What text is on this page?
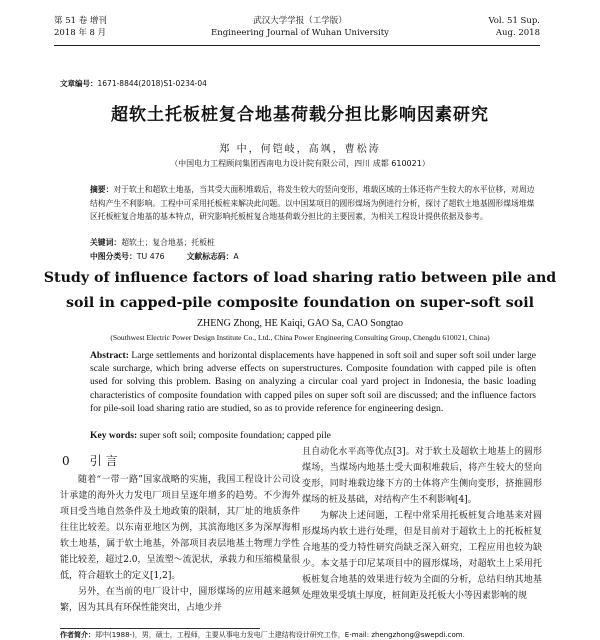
第 51 卷 增刊
2018 年 8 月
武汉大学学报（工学版）
Engineering Journal of Wuhan University
Vol. 51 Sup.
Aug. 2018
文章编号：1671-8844(2018)S1-0234-04
超软土托板桩复合地基荷载分担比影响因素研究
郑 中，何铠岐，高飒，曹松涛
（中国电力工程顾问集团西南电力设计院有限公司，四川 成都 610021）
摘要：对于软土和超软土地基，当其受大面积堆载后，将发生较大的竖向变形，堆载区域的土体还将产生较大的水平位移，对周边结构产生不利影响。工程中可采用托板桩来解决此问题。以中国某项目的圆形煤场为例进行分析，探讨了超软土地基圆形煤场堆煤区托板桩复合地基的基本特点，研究影响托板桩复合地基荷载分担比的主要因素，为相关工程设计提供依据及参考。
关键词：超软土；复合地基；托板桩
中图分类号：TU 476	文献标志码：A
Study of influence factors of load sharing ratio between pile and
soil in capped-pile composite foundation on super-soft soil
ZHENG Zhong, HE Kaiqi, GAO Sa, CAO Songtao
(Southwest Electric Power Design Institute Co., Ltd., China Power Engineering Consulting Group, Chengdu 610021, China)
Abstract: Large settlements and horizontal displacements have happened in soft soil and super soft soil under large scale surcharge, which bring adverse effects on superstructures. Composite foundation with capped pile is often used for solving this problem. Basing on analyzing a circular coal yard project in Indonesia, the basic loading characteristics of composite foundation with capped piles on super soft soil are discussed; and the influence factors for pile-soil load sharing ratio are studied, so as to provide reference for engineering design.
Key words: super soft soil; composite foundation; capped pile
0　引言

随着“一带一路”国家战略的实施，我国工程设计公司设计承建的海外火力发电厂项目呈逐年增多的趋势。不少海外项目受当地自然条件及土地政策的限制，其厂址的地质条件往往比较差。以东南亚地区为例，其滨海地区多为深厚海相软土地基，属于软土地基，外部项目表层地基土物理力学性能比较差，超过2.0，呈流塑～流泥状，承载力和压缩模量很低，符合超软土的定义[1,2]。

另外，在当前的电厂设计中，圆形煤场的应用越来越频繁，因为其具有环保性能突出，占地少并

且自动化水平高等优点[3]。对于软土及超软土地基上的圆形煤场，当煤场内地基土受大面积堆载后，将产生较大的竖向变形，同时堆载边缘下方的土体将产生侧向变形，挤推圆形煤场的桩及基础，对结构产生不利影响[4]。

为解决上述问题，工程中常采用托板桩复合地基来对圆形煤场内软土进行处理，但是目前对于超软土上的托板桩复合地基的受力特性研究尚缺乏深入研究，工程应用也较为缺少。本文基于印尼某项目中的圆形煤场，对超软土上采用托板桩复合地基的效果进行较为全面的分析，总结归纳其地基处理效果受填土厚度，桩间距及托板大小等因素影响的规

作者简介：郑中(1988-)，男，硕士，工程师，主要从事电力发电厂土建结构设计研究工作，E-mail: zhengzhong@swepdi.com.
